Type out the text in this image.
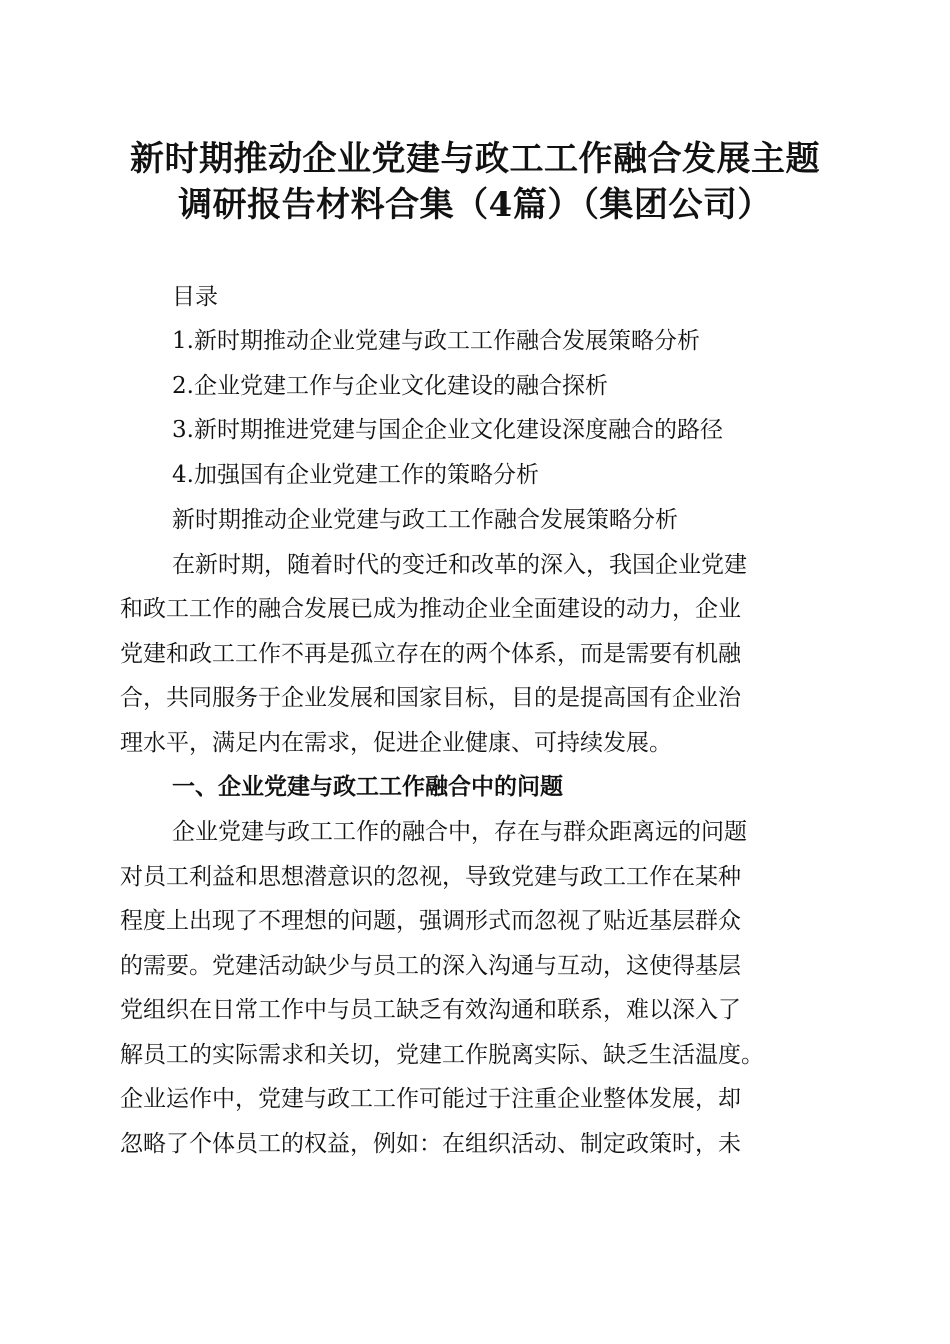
新时期推动企业党建与政工工作融合发展主题
调研报告材料合集（4篇）（集团公司）

目录

1.新时期推动企业党建与政工工作融合发展策略分析

2.企业党建工作与企业文化建设的融合探析

3.新时期推进党建与国企企业文化建设深度融合的路径

4.加强国有企业党建工作的策略分析

新时期推动企业党建与政工工作融合发展策略分析

在新时期，随着时代的变迁和改革的深入，我国企业党建

和政工工作的融合发展已成为推动企业全面建设的动力，企业

党建和政工工作不再是孤立存在的两个体系，而是需要有机融

合，共同服务于企业发展和国家目标，目的是提高国有企业治

理水平，满足内在需求，促进企业健康、可持续发展。

一、企业党建与政工工作融合中的问题

企业党建与政工工作的融合中，存在与群众距离远的问题

对员工利益和思想潜意识的忽视，导致党建与政工工作在某种

程度上出现了不理想的问题，强调形式而忽视了贴近基层群众

的需要。党建活动缺少与员工的深入沟通与互动，这使得基层

党组织在日常工作中与员工缺乏有效沟通和联系，难以深入了

解员工的实际需求和关切，党建工作脱离实际、缺乏生活温度。

企业运作中，党建与政工工作可能过于注重企业整体发展，却

忽略了个体员工的权益，例如：在组织活动、制定政策时，未
